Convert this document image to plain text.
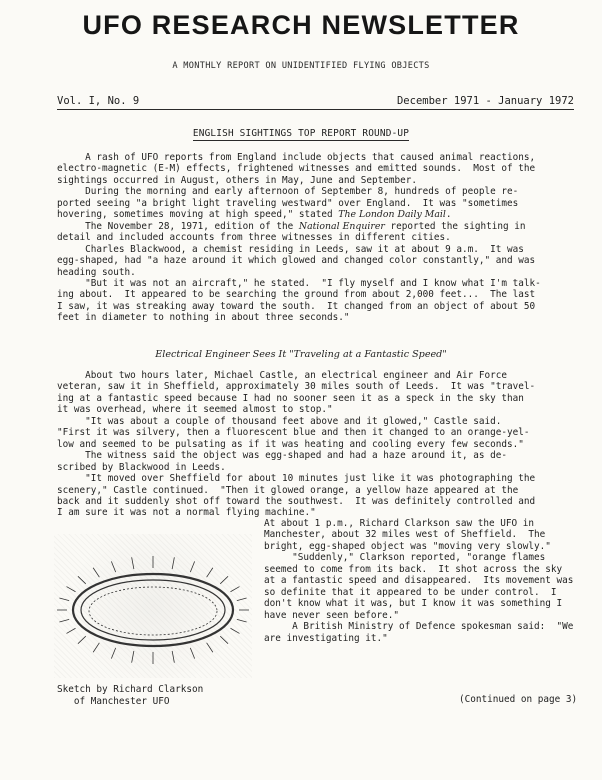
UFO RESEARCH NEWSLETTER
A MONTHLY REPORT ON UNIDENTIFIED FLYING OBJECTS
Vol. I, No. 9	December 1971 - January 1972
ENGLISH SIGHTINGS TOP REPORT ROUND-UP
A rash of UFO reports from England include objects that caused animal reactions,
electro-magnetic (E-M) effects, frightened witnesses and emitted sounds.  Most of the
sightings occurred in August, others in May, June and September.
During the morning and early afternoon of September 8, hundreds of people re-
ported seeing "a bright light traveling westward" over England.  It was "sometimes
hovering, sometimes moving at high speed," stated The London Daily Mail.
The November 28, 1971, edition of the National Enquirer reported the sighting in
detail and included accounts from three witnesses in different cities.
Charles Blackwood, a chemist residing in Leeds, saw it at about 9 a.m.  It was
egg-shaped, had "a haze around it which glowed and changed color constantly," and was
heading south.
"But it was not an aircraft," he stated.  "I fly myself and I know what I'm talk-
ing about.  It appeared to be searching the ground from about 2,000 feet...  The last
I saw, it was streaking away toward the south.  It changed from an object of about 50
feet in diameter to nothing in about three seconds."
Electrical Engineer Sees It "Traveling at a Fantastic Speed"
About two hours later, Michael Castle, an electrical engineer and Air Force
veteran, saw it in Sheffield, approximately 30 miles south of Leeds.  It was "travel-
ing at a fantastic speed because I had no sooner seen it as a speck in the sky than
it was overhead, where it seemed almost to stop."
"It was about a couple of thousand feet above and it glowed," Castle said.
"First it was silvery, then a fluorescent blue and then it changed to an orange-yel-
low and seemed to be pulsating as if it was heating and cooling every few seconds."
The witness said the object was egg-shaped and had a haze around it, as de-
scribed by Blackwood in Leeds.
"It moved over Sheffield for about 10 minutes just like it was photographing the
scenery," Castle continued.  "Then it glowed orange, a yellow haze appeared at the
back and it suddenly shot off toward the southwest.  It was definitely controlled and
I am sure it was not a normal flying machine."
At about 1 p.m., Richard Clarkson saw the UFO in
Manchester, about 32 miles west of Sheffield.  The
bright, egg-shaped object was "moving very slowly."
"Suddenly," Clarkson reported, "orange flames
seemed to come from its back.  It shot across the sky
at a fantastic speed and disappeared.  Its movement was
so definite that it appeared to be under control.  I
don't know what it was, but I know it was something I
have never seen before."
A British Ministry of Defence spokesman said:  "We
are investigating it."
Sketch by Richard Clarkson
of Manchester UFO	(Continued on page 3)
